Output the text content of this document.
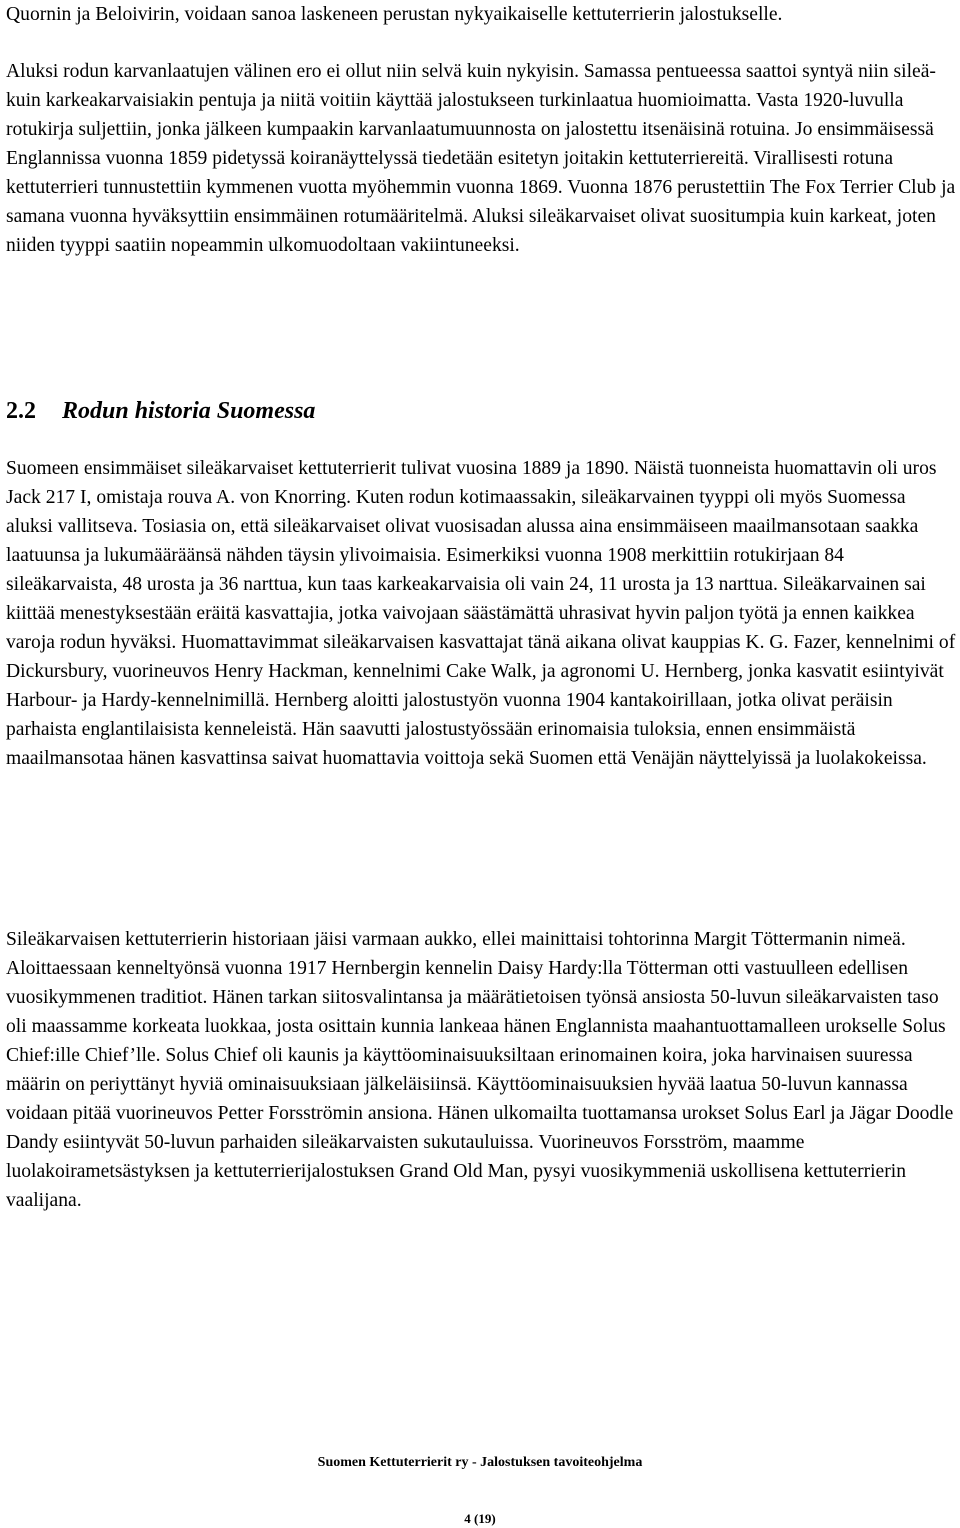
Quornin ja Beloivirin, voidaan sanoa laskeneen perustan nykyaikaiselle kettuterrierin jalostukselle.

Aluksi rodun karvanlaatujen välinen ero ei ollut niin selvä kuin nykyisin. Samassa pentueessa saattoi syntyä niin sileä- kuin karkeakarvaisiakin pentuja ja niitä voitiin käyttää jalostukseen turkinlaatua huomioimatta. Vasta 1920-luvulla rotukirja suljettiin, jonka jälkeen kumpaakin karvanlaatumuunnosta on jalostettu itsenäisinä rotuina. Jo ensimmäisessä Englannissa vuonna 1859 pidetyssä koiranäyttelyssä tiedetään esitetyn joitakin kettuterriereitä. Virallisesti rotuna kettuterrieri tunnustettiin kymmenen vuotta myöhemmin vuonna 1869. Vuonna 1876 perustettiin The Fox Terrier Club ja samana vuonna hyväksyttiin ensimmäinen rotumääritelmä. Aluksi sileäkarvaiset olivat suositumpia kuin karkeat, joten niiden tyyppi saatiin nopeammin ulkomuodoltaan vakiintuneeksi.

2.2 Rodun historia Suomessa

Suomeen ensimmäiset sileäkarvaiset kettuterrierit tulivat vuosina 1889 ja 1890. Näistä tuonneista huomattavin oli uros Jack 217 I, omistaja rouva A. von Knorring. Kuten rodun kotimaassakin, sileäkarvainen tyyppi oli myös Suomessa aluksi vallitseva. Tosiasia on, että sileäkarvaiset olivat vuosisadan alussa aina ensimmäiseen maailmansotaan saakka laatuunsa ja lukumääräänsä nähden täysin ylivoimaisia. Esimerkiksi vuonna 1908 merkittiin rotukirjaan 84 sileäkarvaista, 48 urosta ja 36 narttua, kun taas karkeakarvaisia oli vain 24, 11 urosta ja 13 narttua. Sileäkarvainen sai kiittää menestyksestään eräitä kasvattajia, jotka vaivojaan säästämättä uhrasivat hyvin paljon työtä ja ennen kaikkea varoja rodun hyväksi. Huomattavimmat sileäkarvaisen kasvattajat tänä aikana olivat kauppias K. G. Fazer, kennelnimi of Dickursbury, vuorineuvos Henry Hackman, kennelnimi Cake Walk, ja agronomi U. Hernberg, jonka kasvatit esiintyivät Harbour- ja Hardy-kennelnimillä. Hernberg aloitti jalostustyön vuonna 1904 kantakoirillaan, jotka olivat peräisin parhaista englantilaisista kenneleistä. Hän saavutti jalostustyössään erinomaisia tuloksia, ennen ensimmäistä maailmansotaa hänen kasvattinsa saivat huomattavia voittoja sekä Suomen että Venäjän näyttelyissä ja luolakokeissa.

Sileäkarvaisen kettuterrierin historiaan jäisi varmaan aukko, ellei mainittaisi tohtorinna Margit Töttermanin nimeä. Aloittaessaan kenneltyönsä vuonna 1917 Hernbergin kennelin Daisy Hardy:lla Tötterman otti vastuulleen edellisen vuosikymmenen traditiot. Hänen tarkan siitosvalintansa ja määrätietoisen työnsä ansiosta 50-luvun sileäkarvaisten taso oli maassamme korkeata luokkaa, josta osittain kunnia lankeaa hänen Englannista maahantuottamalleen urokselle Solus Chief:ille Chief’lle. Solus Chief oli kaunis ja käyttöominaisuuksiltaan erinomainen koira, joka harvinaisen suuressa määrin on periyttänyt hyviä ominaisuuksiaan jälkeläisiinsä. Käyttöominaisuuksien hyvää laatua 50-luvun kannassa voidaan pitää vuorineuvos Petter Forsströmin ansiona. Hänen ulkomailta tuottamansa urokset Solus Earl ja Jägar Doodle Dandy esiintyvät 50-luvun parhaiden sileäkarvaisten sukutauluissa. Vuorineuvos Forsström, maamme luolakoirametsästyksen ja kettuterrierijalostuksen Grand Old Man, pysyi vuosikymmeniä uskollisena kettuterrierin vaalijana.

Suomen Kettuterrierit ry - Jalostuksen tavoiteohjelma
4 (19)
